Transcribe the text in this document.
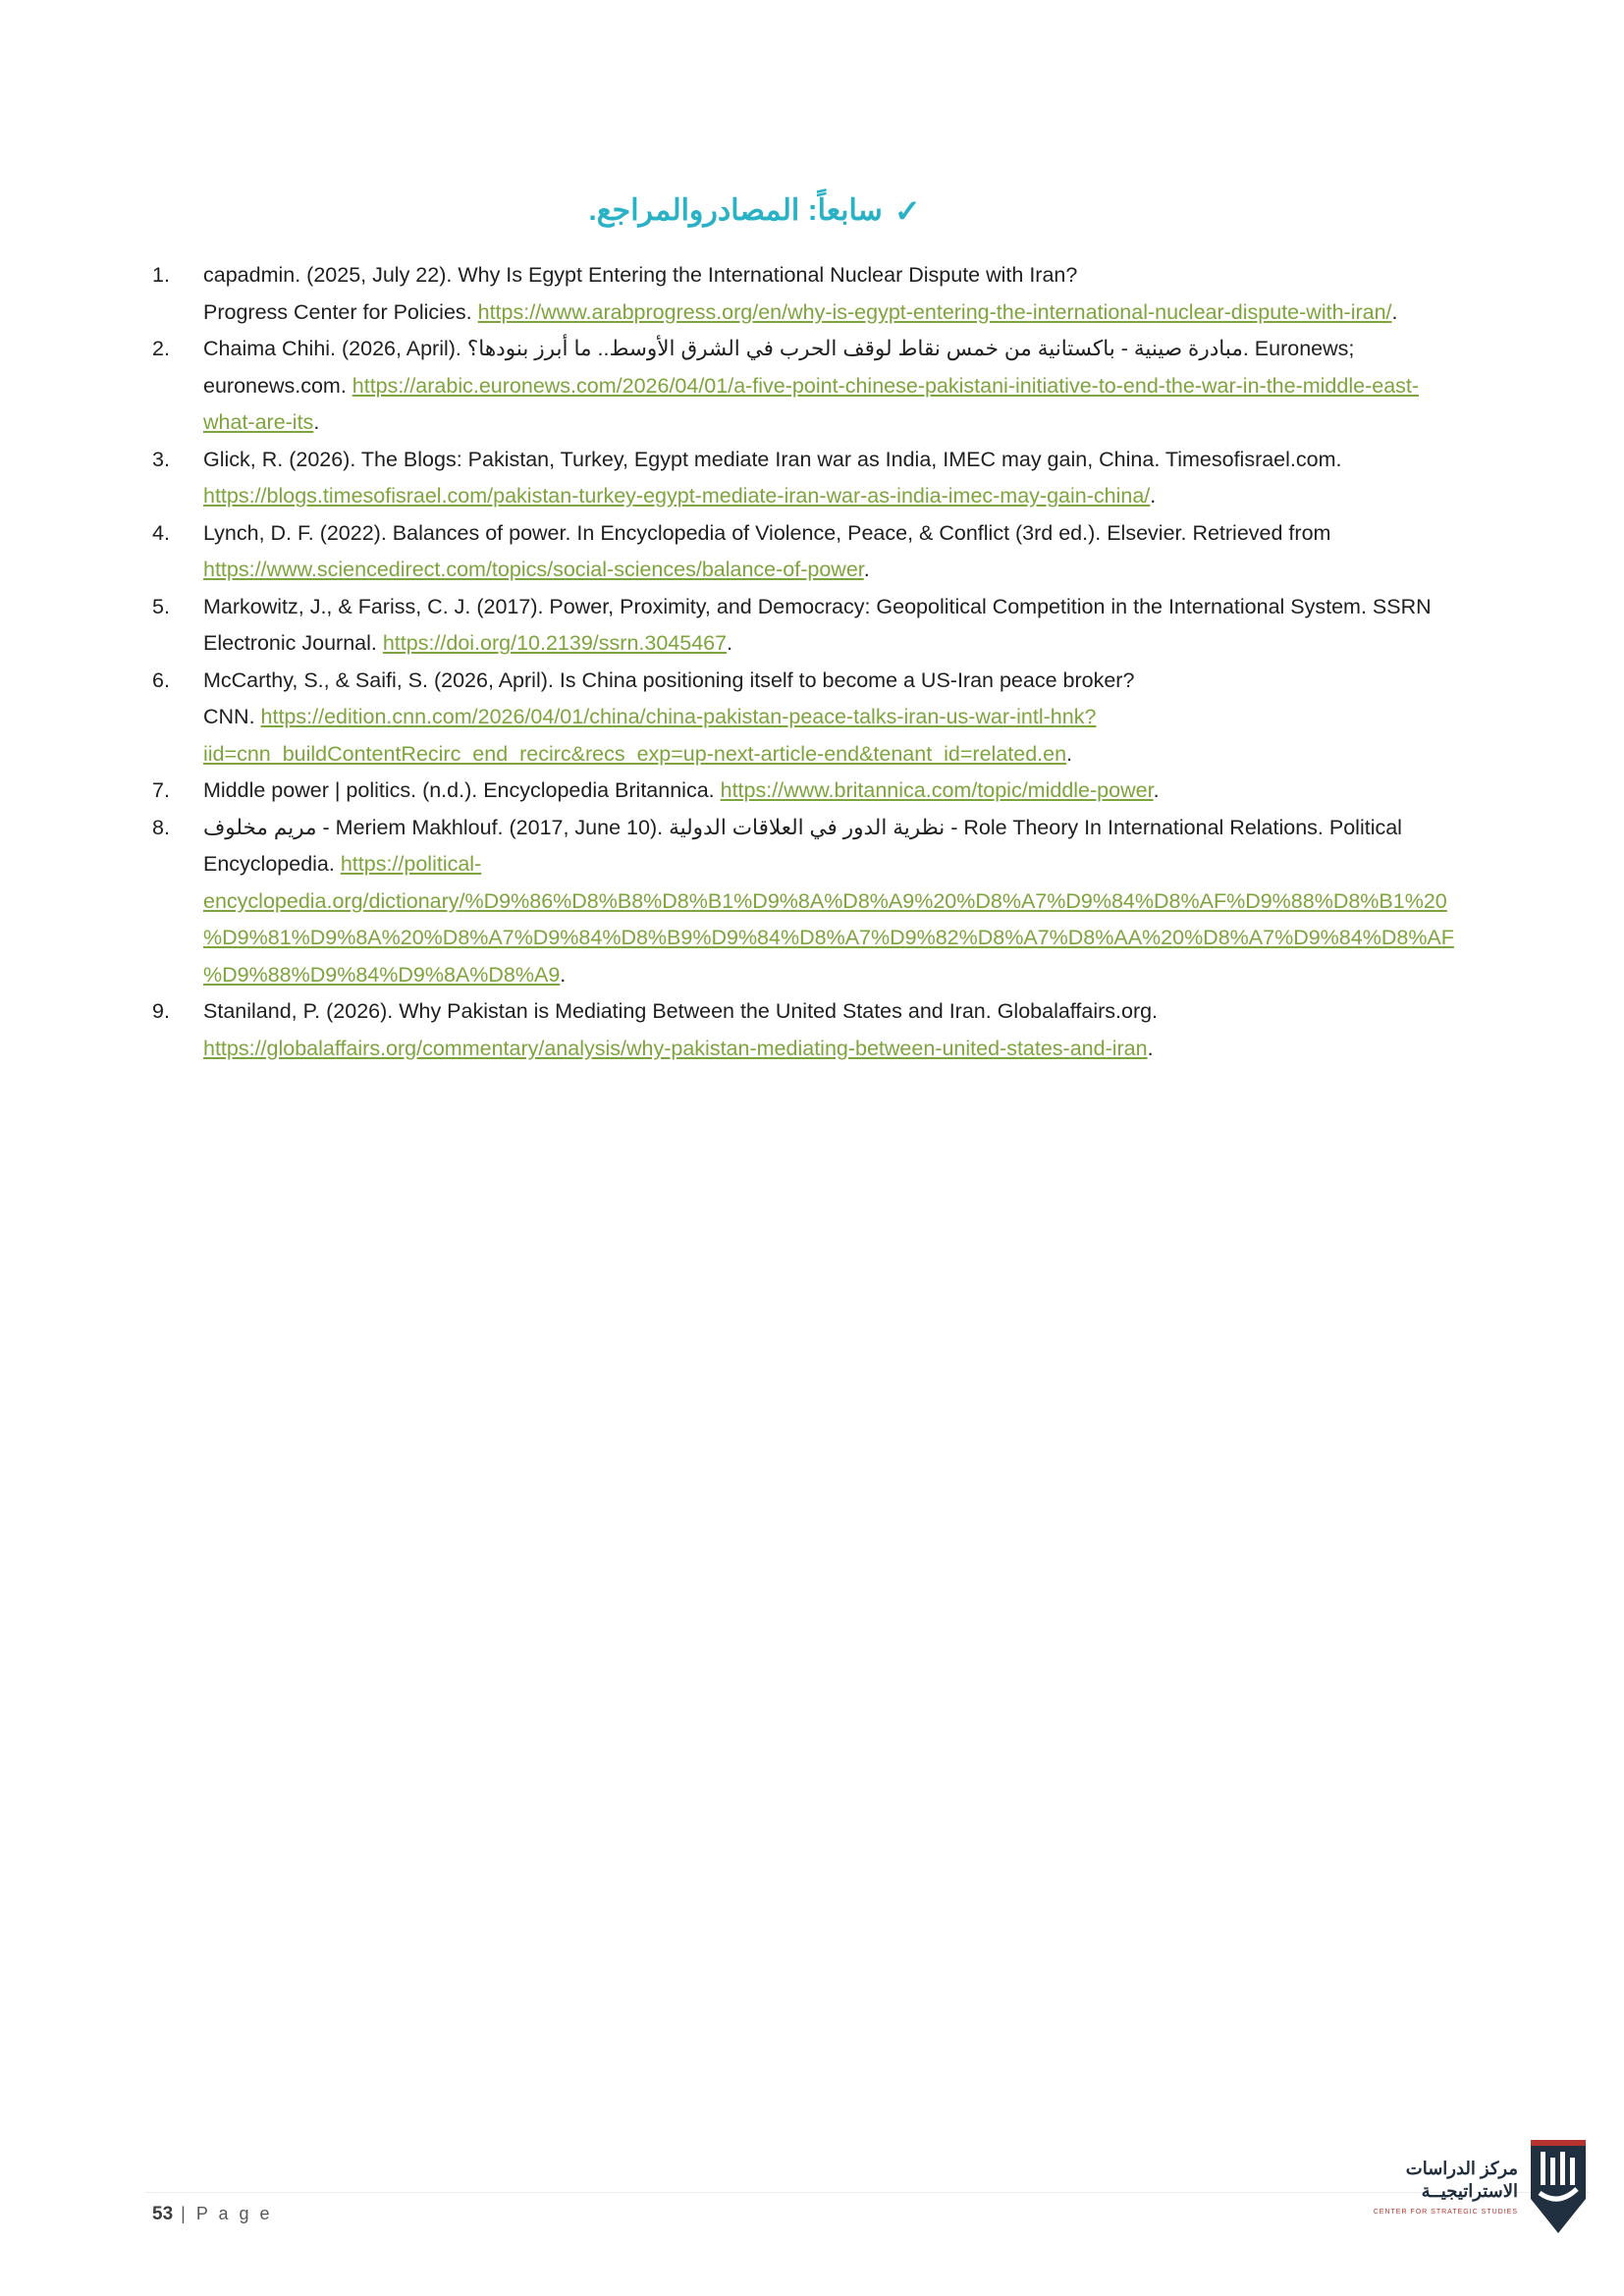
✓سابعاً: المصادروالمراجع.
1.	capadmin. (2025, July 22). Why Is Egypt Entering the International Nuclear Dispute with Iran?
Progress Center for Policies. https://www.arabprogress.org/en/why-is-egypt-entering-the-international-nuclear-dispute-with-iran/.
2.	Chaima Chihi. (2026, April). مبادرة صينية - باكستانية من خمس نقاط لوقف الحرب في الشرق الأوسط.. ما أبرز بنودها؟. Euronews; euronews.com. https://arabic.euronews.com/2026/04/01/a-five-point-chinese-pakistani-initiative-to-end-the-war-in-the-middle-east-what-are-its.
3.	Glick, R. (2026). The Blogs: Pakistan, Turkey, Egypt mediate Iran war as India, IMEC may gain, China. Timesofisrael.com. https://blogs.timesofisrael.com/pakistan-turkey-egypt-mediate-iran-war-as-india-imec-may-gain-china/.
4.	Lynch, D. F. (2022). Balances of power. In Encyclopedia of Violence, Peace, & Conflict (3rd ed.). Elsevier. Retrieved from https://www.sciencedirect.com/topics/social-sciences/balance-of-power.
5.	Markowitz, J., & Fariss, C. J. (2017). Power, Proximity, and Democracy: Geopolitical Competition in the International System. SSRN Electronic Journal. https://doi.org/10.2139/ssrn.3045467.
6.	McCarthy, S., & Saifi, S. (2026, April). Is China positioning itself to become a US-Iran peace broker?
CNN. https://edition.cnn.com/2026/04/01/china/china-pakistan-peace-talks-iran-us-war-intl-hnk?iid=cnn_buildContentRecirc_end_recirc&recs_exp=up-next-article-end&tenant_id=related.en.
7.	Middle power | politics. (n.d.). Encyclopedia Britannica. https://www.britannica.com/topic/middle-power.
8.	مريم مخلوف - Meriem Makhlouf. (2017, June 10). نظرية الدور في العلاقات الدولية - Role Theory In International Relations. Political Encyclopedia. https://political-encyclopedia.org/dictionary/%D9%86%D8%B8%D8%B1%D9%8A%D8%A9%20%D8%A7%D9%84%D8%AF%D9%88%D8%B1%20%D9%81%D9%8A%20%D8%A7%D9%84%D8%B9%D9%84%D8%A7%D9%82%D8%A7%D8%AA%20%D8%A7%D9%84%D8%AF%D9%88%D9%84%D9%8A%D8%A9.
9.	Staniland, P. (2026). Why Pakistan is Mediating Between the United States and Iran. Globalaffairs.org. https://globalaffairs.org/commentary/analysis/why-pakistan-mediating-between-united-states-and-iran.
53 | P a g e
مركز الدراسات
الاستراتيجيــة
CENTER FOR STRATEGIC STUDIES
